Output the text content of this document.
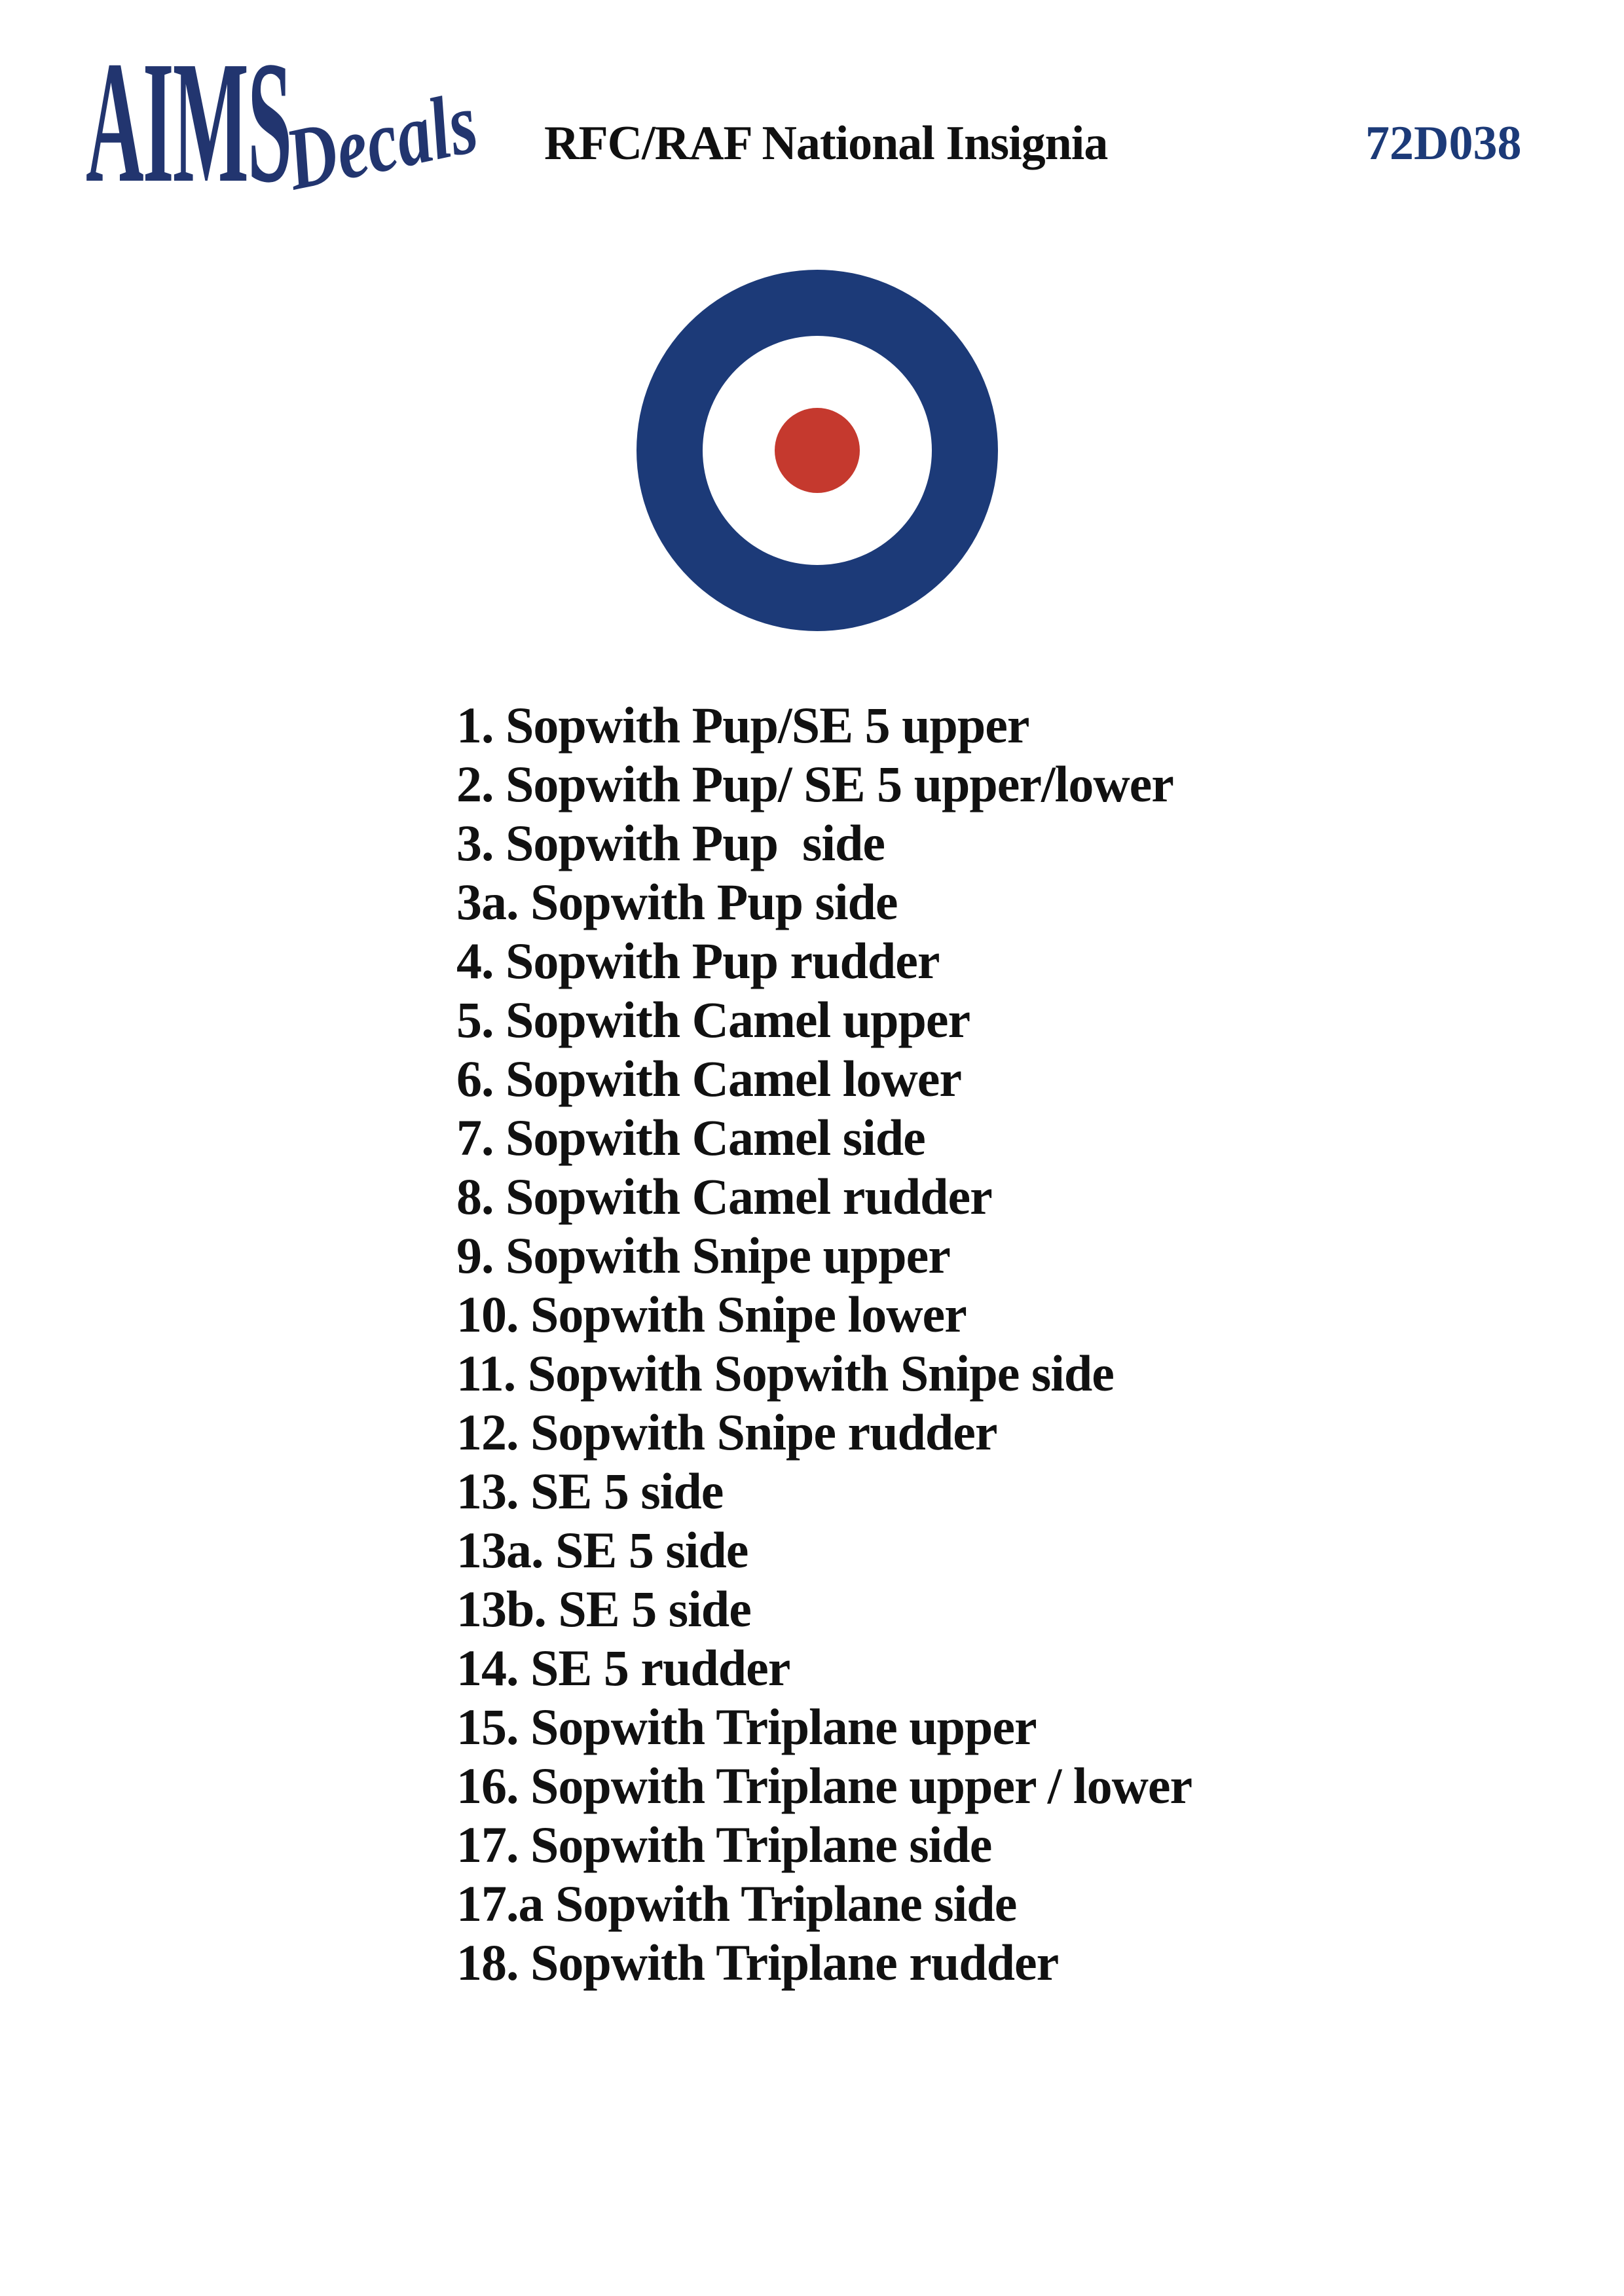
AIMS
Decals RFC/RAF National Insignia	72D038
1. Sopwith Pup/SE 5 upper
2. Sopwith Pup/ SE 5 upper/lower
3. Sopwith Pup  side
3a. Sopwith Pup side
4. Sopwith Pup rudder
5. Sopwith Camel upper
6. Sopwith Camel lower
7. Sopwith Camel side
8. Sopwith Camel rudder
9. Sopwith Snipe upper
10. Sopwith Snipe lower
11. Sopwith Sopwith Snipe side
12. Sopwith Snipe rudder
13. SE 5 side
13a. SE 5 side
13b. SE 5 side
14. SE 5 rudder
15. Sopwith Triplane upper
16. Sopwith Triplane upper / lower
17. Sopwith Triplane side
17.a Sopwith Triplane side
18. Sopwith Triplane rudder
